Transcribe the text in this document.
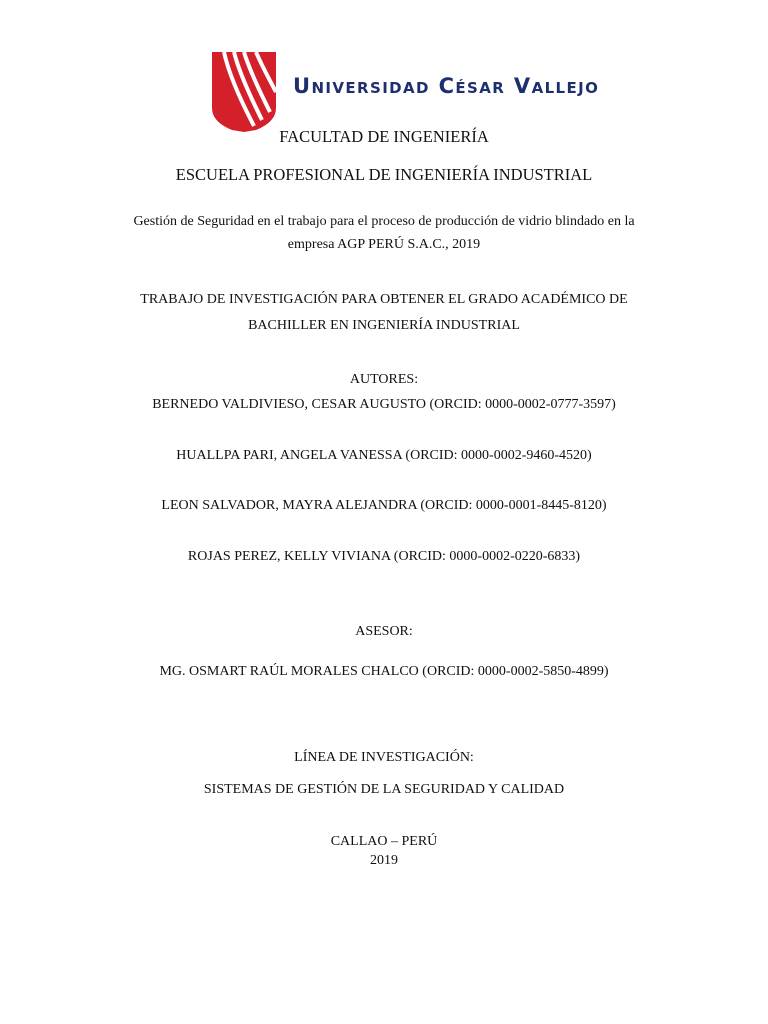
Universidad César Vallejo
FACULTAD DE INGENIERÍA
ESCUELA PROFESIONAL DE INGENIERÍA INDUSTRIAL
Gestión de Seguridad en el trabajo para el proceso de producción de vidrio blindado en la
empresa AGP PERÚ S.A.C., 2019
TRABAJO DE INVESTIGACIÓN PARA OBTENER EL GRADO ACADÉMICO DE
BACHILLER EN INGENIERÍA INDUSTRIAL
AUTORES:
BERNEDO VALDIVIESO, CESAR AUGUSTO (ORCID: 0000-0002-0777-3597)
HUALLPA PARI, ANGELA VANESSA (ORCID: 0000-0002-9460-4520)
LEON SALVADOR, MAYRA ALEJANDRA (ORCID: 0000-0001-8445-8120)
ROJAS PEREZ, KELLY VIVIANA (ORCID: 0000-0002-0220-6833)
ASESOR:
MG. OSMART RAÚL MORALES CHALCO (ORCID: 0000-0002-5850-4899)
LÍNEA DE INVESTIGACIÓN:
SISTEMAS DE GESTIÓN DE LA SEGURIDAD Y CALIDAD
CALLAO – PERÚ
2019
